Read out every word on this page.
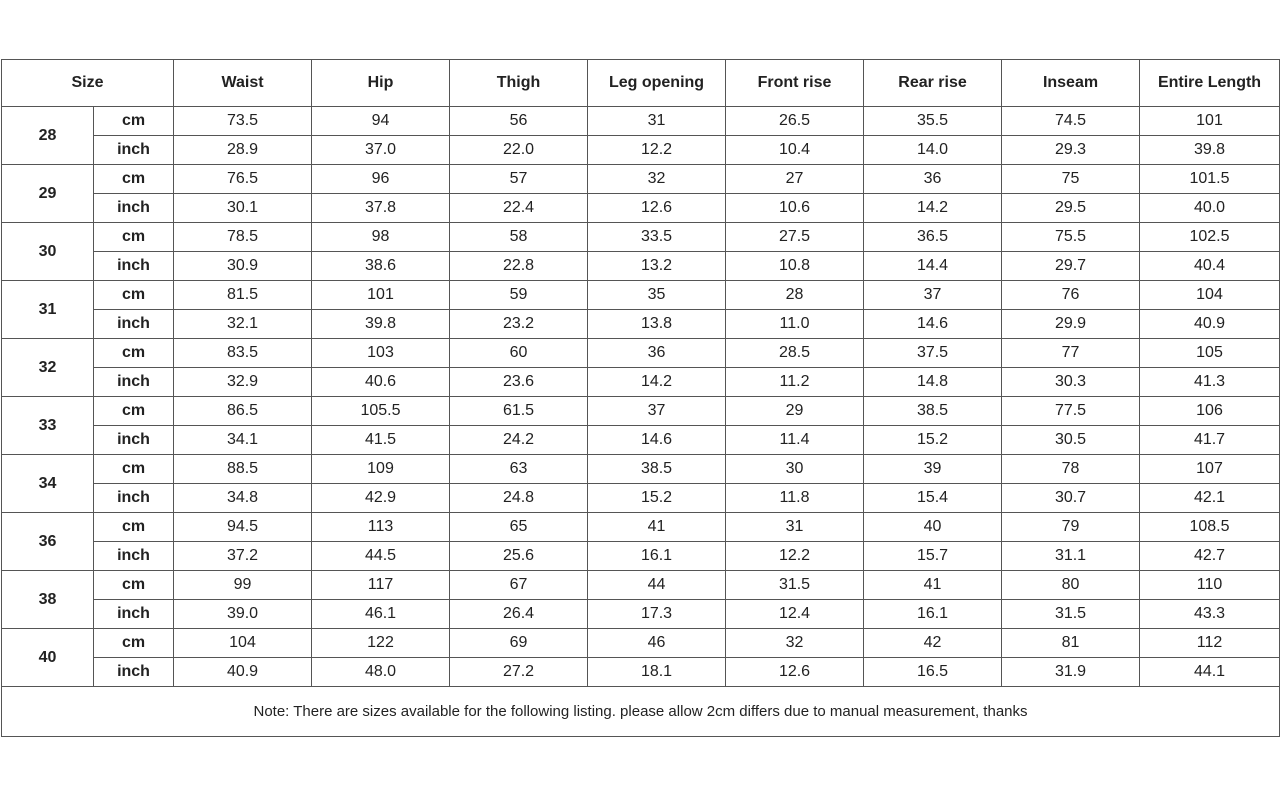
Size		Waist	Hip	Thigh	Leg opening	Front rise	Rear rise	Inseam	Entire Length
28	cm	73.5	94	56	31	26.5	35.5	74.5	101
	inch	28.9	37.0	22.0	12.2	10.4	14.0	29.3	39.8
29	cm	76.5	96	57	32	27	36	75	101.5
	inch	30.1	37.8	22.4	12.6	10.6	14.2	29.5	40.0
30	cm	78.5	98	58	33.5	27.5	36.5	75.5	102.5
	inch	30.9	38.6	22.8	13.2	10.8	14.4	29.7	40.4
31	cm	81.5	101	59	35	28	37	76	104
	inch	32.1	39.8	23.2	13.8	11.0	14.6	29.9	40.9
32	cm	83.5	103	60	36	28.5	37.5	77	105
	inch	32.9	40.6	23.6	14.2	11.2	14.8	30.3	41.3
33	cm	86.5	105.5	61.5	37	29	38.5	77.5	106
	inch	34.1	41.5	24.2	14.6	11.4	15.2	30.5	41.7
34	cm	88.5	109	63	38.5	30	39	78	107
	inch	34.8	42.9	24.8	15.2	11.8	15.4	30.7	42.1
36	cm	94.5	113	65	41	31	40	79	108.5
	inch	37.2	44.5	25.6	16.1	12.2	15.7	31.1	42.7
38	cm	99	117	67	44	31.5	41	80	110
	inch	39.0	46.1	26.4	17.3	12.4	16.1	31.5	43.3
40	cm	104	122	69	46	32	42	81	112
	inch	40.9	48.0	27.2	18.1	12.6	16.5	31.9	44.1
Note: There are sizes available for the following listing. please allow 2cm differs due to manual measurement, thanks									
